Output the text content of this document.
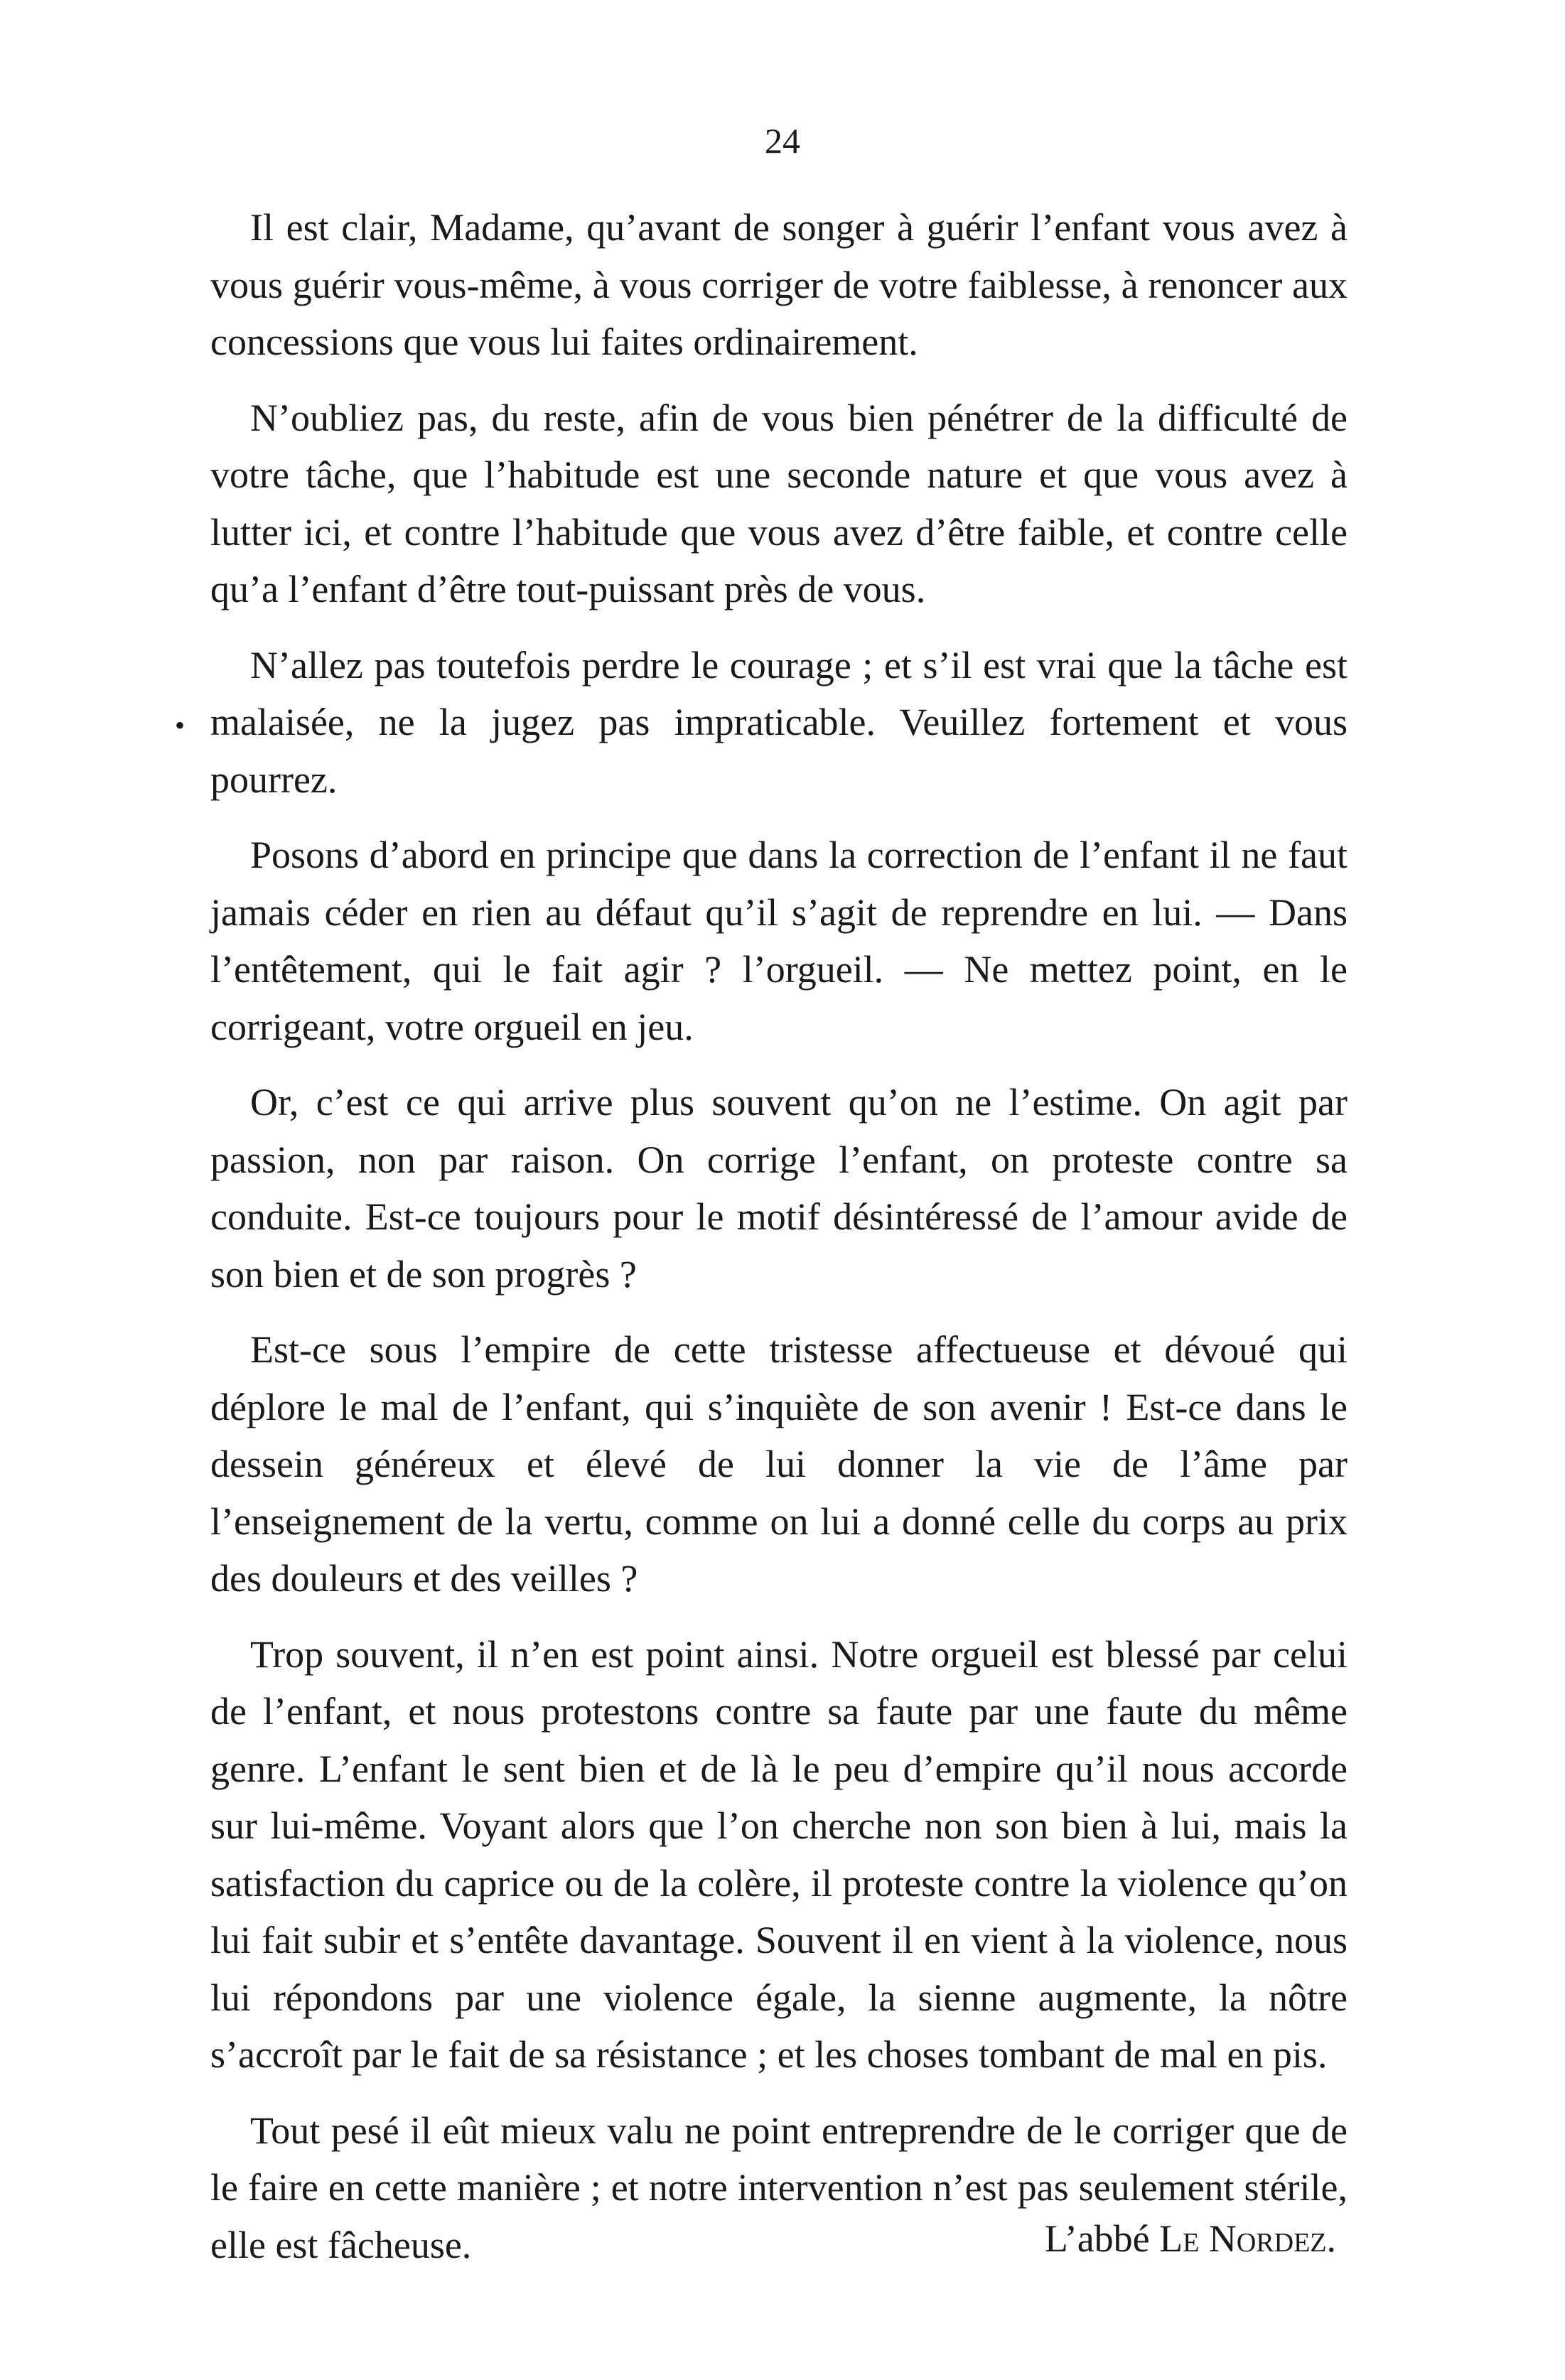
24
•

Il est clair, Madame, qu’avant de songer à guérir l’enfant vous avez à vous guérir vous-même, à vous corriger de votre faiblesse, à renoncer aux concessions que vous lui faites ordinairement.

N’oubliez pas, du reste, afin de vous bien pénétrer de la difficulté de votre tâche, que l’habitude est une seconde nature et que vous avez à lutter ici, et contre l’habitude que vous avez d’être faible, et contre celle qu’a l’enfant d’être tout-puissant près de vous.

N’allez pas toutefois perdre le courage ; et s’il est vrai que la tâche est malaisée, ne la jugez pas impraticable. Veuillez fortement et vous pourrez.

Posons d’abord en principe que dans la correction de l’enfant il ne faut jamais céder en rien au défaut qu’il s’agit de reprendre en lui. — Dans l’entêtement, qui le fait agir ? l’orgueil. — Ne mettez point, en le corrigeant, votre orgueil en jeu.

Or, c’est ce qui arrive plus souvent qu’on ne l’estime. On agit par passion, non par raison. On corrige l’enfant, on proteste contre sa conduite. Est-ce toujours pour le motif désintéressé de l’amour avide de son bien et de son progrès ?

Est-ce sous l’empire de cette tristesse affectueuse et dévoué qui déplore le mal de l’enfant, qui s’inquiète de son avenir ! Est-ce dans le dessein généreux et élevé de lui donner la vie de l’âme par l’enseignement de la vertu, comme on lui a donné celle du corps au prix des douleurs et des veilles ?

Trop souvent, il n’en est point ainsi. Notre orgueil est blessé par celui de l’enfant, et nous protestons contre sa faute par une faute du même genre. L’enfant le sent bien et de là le peu d’empire qu’il nous accorde sur lui-même. Voyant alors que l’on cherche non son bien à lui, mais la satisfaction du caprice ou de la colère, il proteste contre la violence qu’on lui fait subir et s’entête davantage. Souvent il en vient à la violence, nous lui répondons par une violence égale, la sienne augmente, la nôtre s’accroît par le fait de sa résistance ; et les choses tombant de mal en pis.

Tout pesé il eût mieux valu ne point entreprendre de le corriger que de le faire en cette manière ; et notre intervention n’est pas seulement stérile, elle est fâcheuse.	L’abbé Le Nordez.
